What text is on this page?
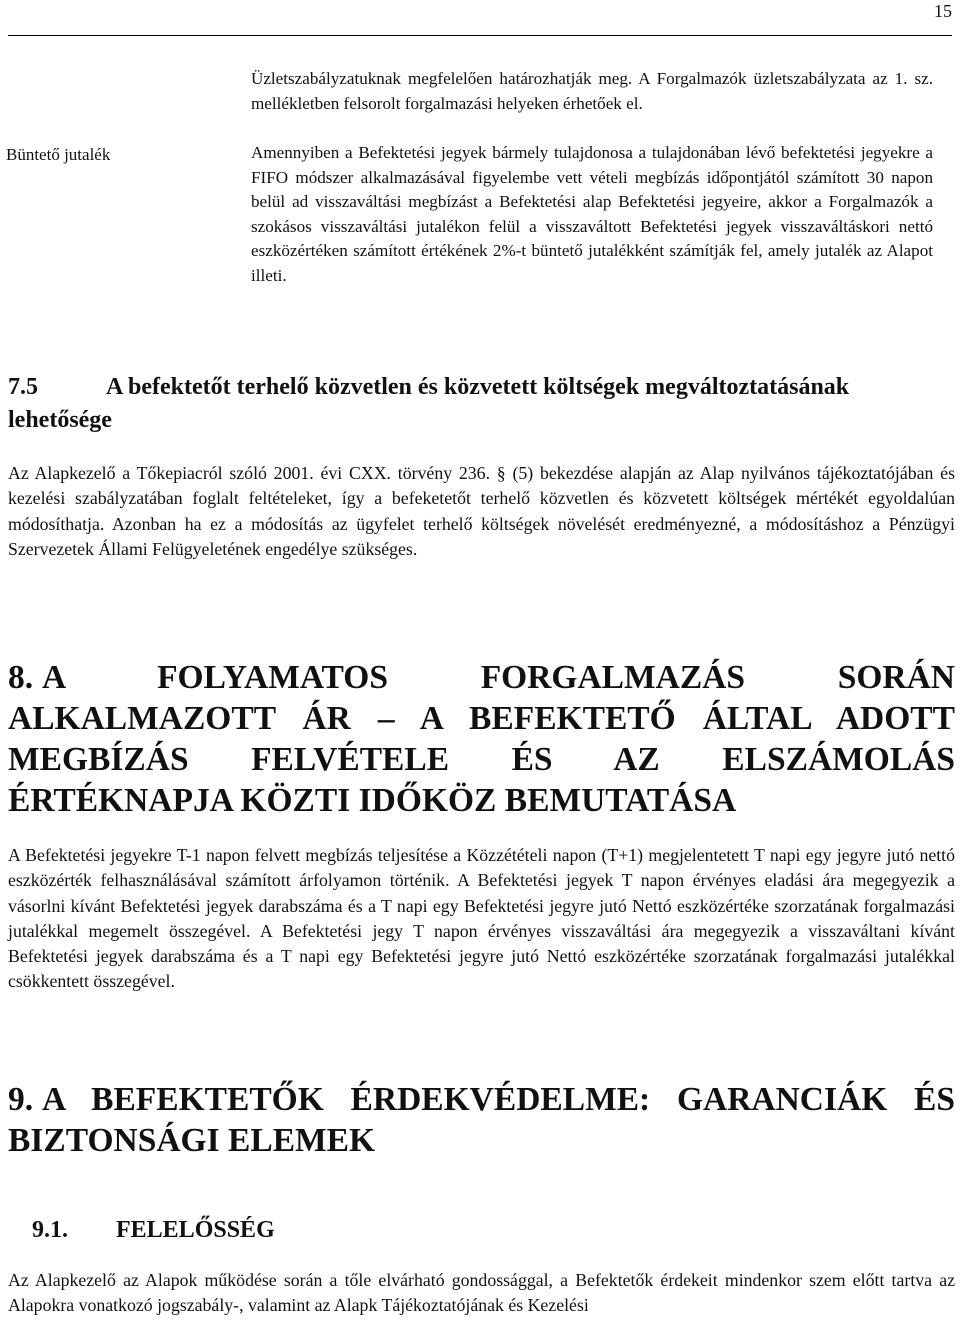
15
Büntető jutalék

Üzletszabályzatuknak megfelelően határozhatják meg. A Forgalmazók üzletszabályzata az 1. sz. mellékletben felsorolt forgalmazási helyeken érhetőek el.

Amennyiben a Befektetési jegyek bármely tulajdonosa a tulajdonában lévő befektetési jegyekre a FIFO módszer alkalmazásával figyelembe vett vételi megbízás időpontjától számított 30 napon belül ad visszaváltási megbízást a Befektetési alap Befektetési jegyeire, akkor a Forgalmazók a szokásos visszaváltási jutalékon felül a visszaváltott Befektetési jegyek visszaváltáskori nettó eszközértéken számított értékének 2%-t büntető jutalékként számítják fel, amely jutalék az Alapot illeti.

7.5	A befektetőt terhelő közvetlen és közvetett költségek megváltoztatásának lehetősége

Az Alapkezelő a Tőkepiacról szóló 2001. évi CXX. törvény 236. § (5) bekezdése alapján az Alap nyilvános tájékoztatójában és kezelési szabályzatában foglalt feltételeket, így a befeketetőt terhelő közvetlen és közvetett költségek mértékét egyoldalúan módosíthatja. Azonban ha ez a módosítás az ügyfelet terhelő költségek növelését eredményezné, a módosításhoz a Pénzügyi Szervezetek Állami Felügyeletének engedélye szükséges.

8. A FOLYAMATOS FORGALMAZÁS SORÁN ALKALMAZOTT ÁR – A BEFEKTETŐ ÁLTAL ADOTT MEGBÍZÁS FELVÉTELE ÉS AZ ELSZÁMOLÁS ÉRTÉKNAPJA KÖZTI IDŐKÖZ BEMUTATÁSA

A Befektetési jegyekre T-1 napon felvett megbízás teljesítése a Közzétételi napon (T+1) megjelentetett T napi egy jegyre jutó nettó eszközérték felhasználásával számított árfolyamon történik. A Befektetési jegyek T napon érvényes eladási ára megegyezik a vásorlni kívánt Befektetési jegyek darabszáma és a T napi egy Befektetési jegyre jutó Nettó eszközértéke szorzatának forgalmazási jutalékkal megemelt összegével. A Befektetési jegy T napon érvényes visszaváltási ára megegyezik a visszaváltani kívánt Befektetési jegyek darabszáma és a T napi egy Befektetési jegyre jutó Nettó eszközértéke szorzatának forgalmazási jutalékkal csökkentett összegével.

9. A BEFEKTETŐK ÉRDEKVÉDELME: GARANCIÁK ÉS BIZTONSÁGI ELEMEK
9.1. FELELŐSSÉG

Az Alapkezelő az Alapok működése során a tőle elvárható gondossággal, a Befektetők érdekeit mindenkor szem előtt tartva az Alapokra vonatkozó jogszabály-, valamint az Alapk Tájékoztatójának és Kezelési
